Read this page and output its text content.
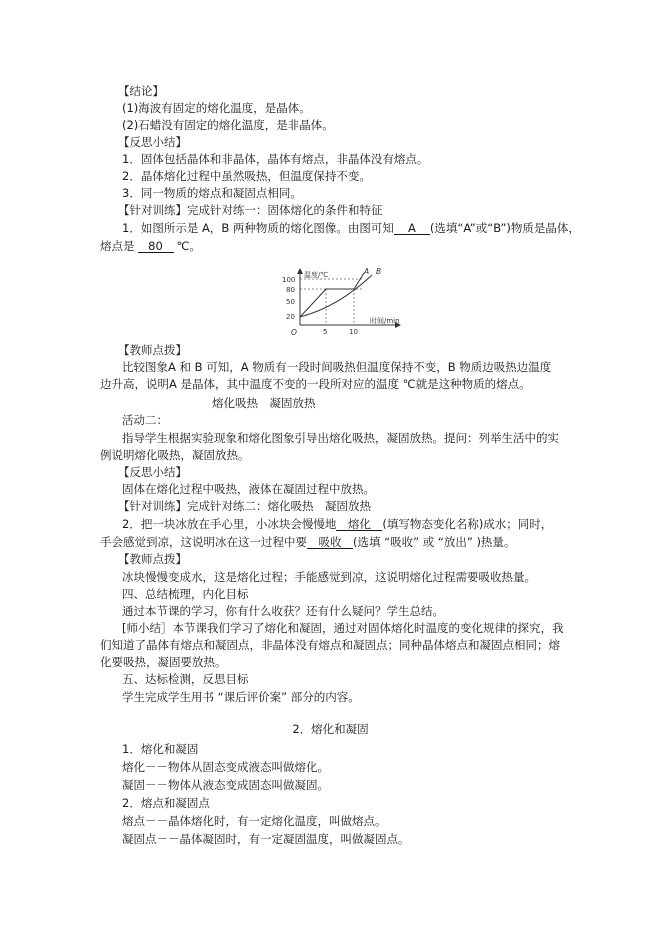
【结论】
(1)海波有固定的熔化温度，是晶体。
(2)石蜡没有固定的熔化温度，是非晶体。
【反思小结】
1．固体包括晶体和非晶体，晶体有熔点，非晶体没有熔点。
2．晶体熔化过程中虽然吸热，但温度保持不变。
3．同一物质的熔点和凝固点相同。
【针对训练】完成针对练一：固体熔化的条件和特征
1．如图所示是 A，B 两种物质的熔化图像。由图可知 A (选填“A”或“B”)物质是晶体，
熔点是 80 ℃。
温度/℃
时间/min
O
100
80
50
20
5	10
A B
【教师点拨】
比较图象A 和 B 可知，A 物质有一段时间吸热但温度保持不变，B 物质边吸热边温度
边升高，说明A 是晶体，其中温度不变的一段所对应的温度 ℃就是这种物质的熔点。
熔化吸热　凝固放热
活动二：
指导学生根据实验现象和熔化图象引导出熔化吸热，凝固放热。提问：列举生活中的实
例说明熔化吸热，凝固放热。
【反思小结】
固体在熔化过程中吸热，液体在凝固过程中放热。
【针对训练】完成针对练二：熔化吸热　凝固放热
2．把一块冰放在手心里，小冰块会慢慢地 熔化 (填写物态变化名称)成水；同时，
手会感觉到凉，这说明冰在这一过程中要 吸收 (选填 “吸收” 或 “放出” )热量。
【教师点拨】
冰块慢慢变成水，这是熔化过程；手能感觉到凉，这说明熔化过程需要吸收热量。
四、总结梳理，内化目标
通过本节课的学习，你有什么收获？还有什么疑问？学生总结。
[师小结］本节课我们学习了熔化和凝固，通过对固体熔化时温度的变化规律的探究，我
们知道了晶体有熔点和凝固点，非晶体没有熔点和凝固点；同种晶体熔点和凝固点相同；熔
化要吸热，凝固要放热。
五、达标检测，反思目标
学生完成学生用书 “课后评价案” 部分的内容。
2．熔化和凝固
1．熔化和凝固
熔化－－物体从固态变成液态叫做熔化。
凝固－－物体从液态变成固态叫做凝固。
2．熔点和凝固点
熔点－－晶体熔化时，有一定熔化温度，叫做熔点。
凝固点－－晶体凝固时，有一定凝固温度，叫做凝固点。
